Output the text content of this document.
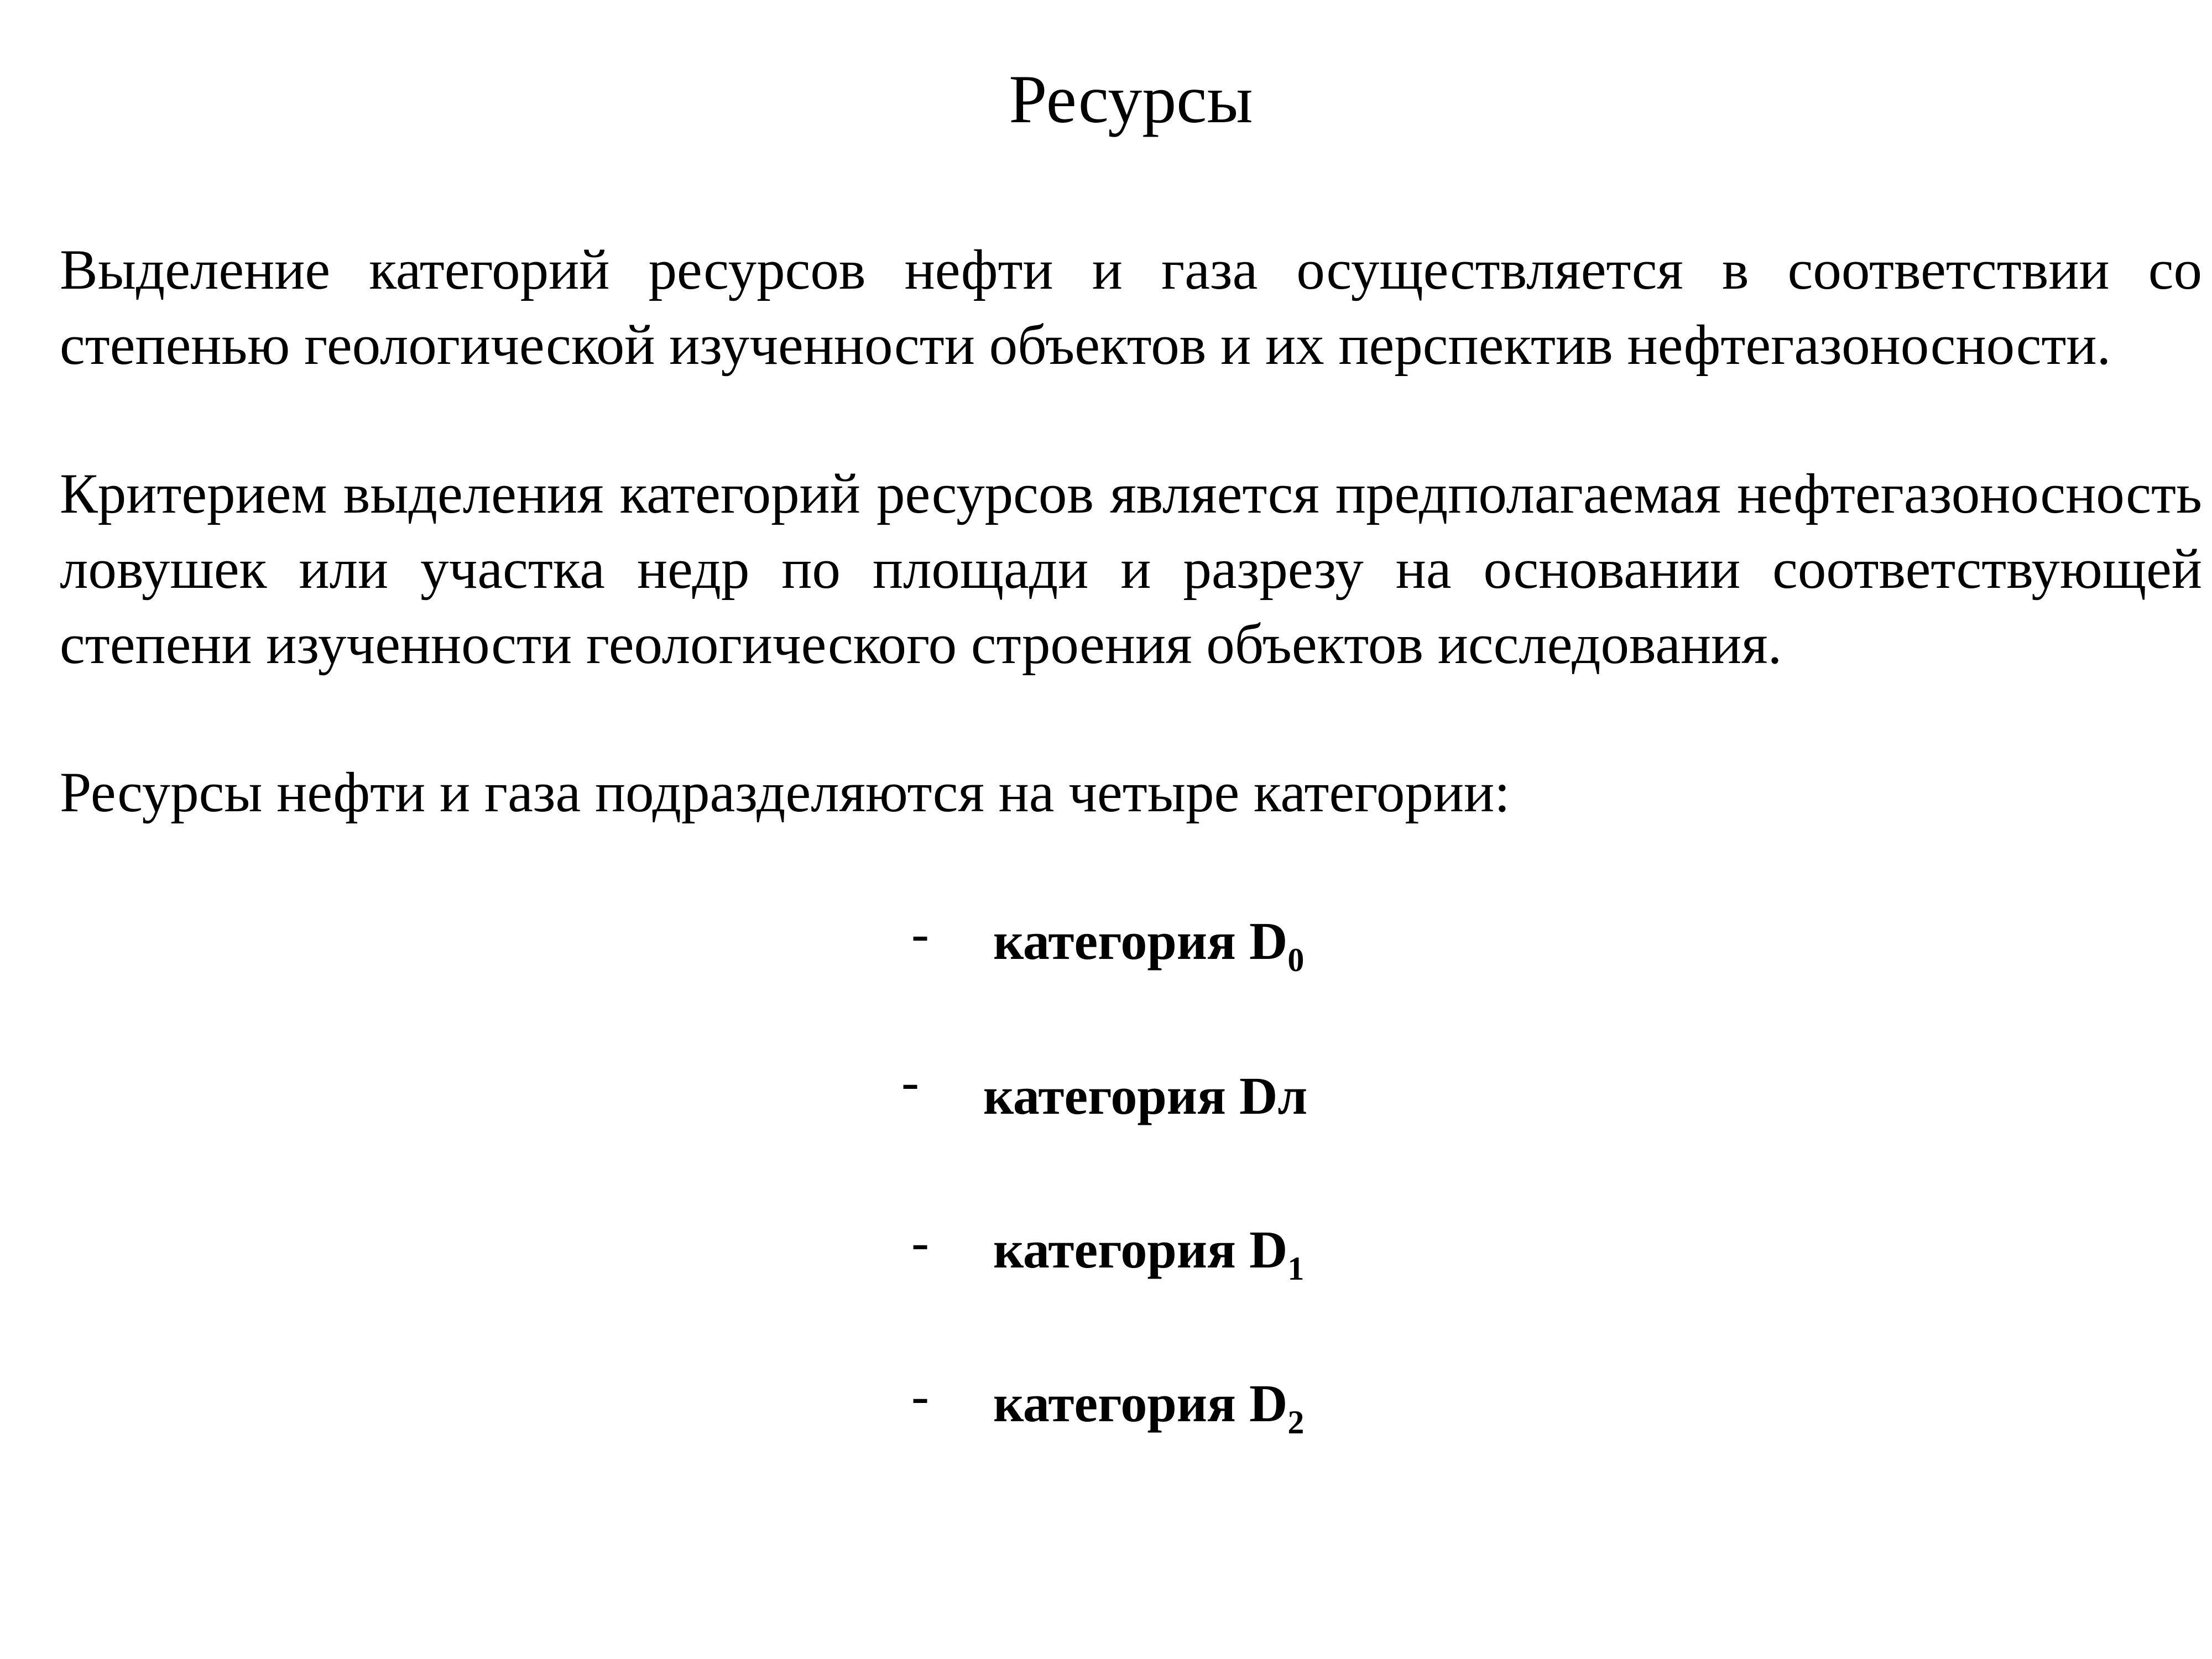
Ресурсы

Выделение категорий ресурсов нефти и газа осуществляется в соответствии со степенью геологической изученности объектов и их перспектив нефтегазоносности.

Критерием выделения категорий ресурсов является предполагаемая нефтегазоносность ловушек или участка недр по площади и разрезу на основании соответствующей степени изученности геологического строения объектов исследования.

Ресурсы нефти и газа подразделяются на четыре категории:

- категория $D_0$
- категория Dл
- категория $D_1$
- категория $D_2$
